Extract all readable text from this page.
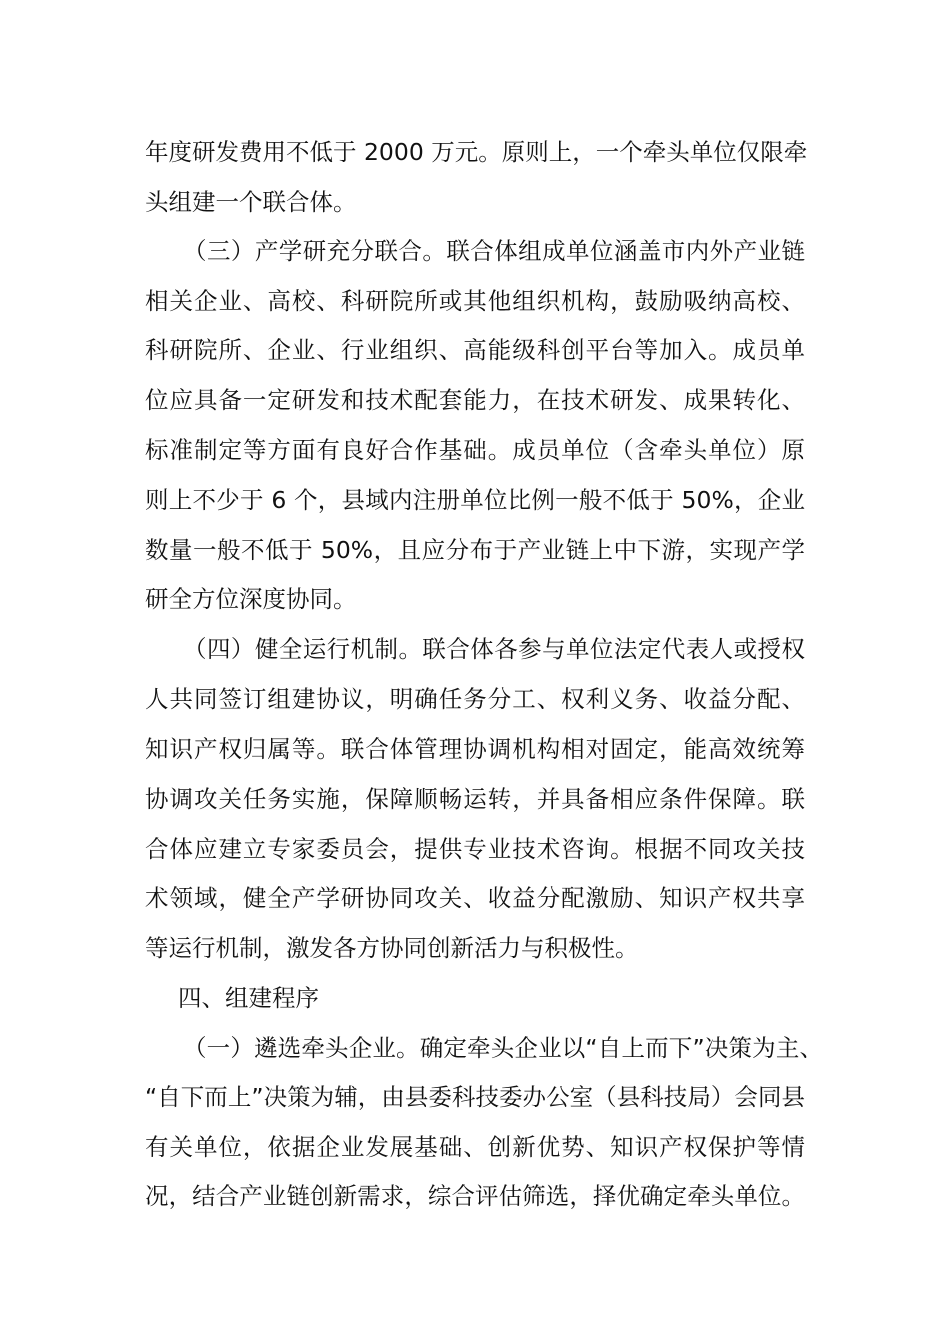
年度研发费用不低于 2000 万元。原则上，一个牵头单位仅限牵
头组建一个联合体。
（三）产学研充分联合。联合体组成单位涵盖市内外产业链
相关企业、高校、科研院所或其他组织机构，鼓励吸纳高校、
科研院所、企业、行业组织、高能级科创平台等加入。成员单
位应具备一定研发和技术配套能力，在技术研发、成果转化、
标准制定等方面有良好合作基础。成员单位（含牵头单位）原
则上不少于 6 个，县域内注册单位比例一般不低于 50%，企业
数量一般不低于 50%，且应分布于产业链上中下游，实现产学
研全方位深度协同。
（四）健全运行机制。联合体各参与单位法定代表人或授权
人共同签订组建协议，明确任务分工、权利义务、收益分配、
知识产权归属等。联合体管理协调机构相对固定，能高效统筹
协调攻关任务实施，保障顺畅运转，并具备相应条件保障。联
合体应建立专家委员会，提供专业技术咨询。根据不同攻关技
术领域，健全产学研协同攻关、收益分配激励、知识产权共享
等运行机制，激发各方协同创新活力与积极性。
四、组建程序
（一）遴选牵头企业。确定牵头企业以“自上而下”决策为主、
“自下而上”决策为辅，由县委科技委办公室（县科技局）会同县
有关单位，依据企业发展基础、创新优势、知识产权保护等情
况，结合产业链创新需求，综合评估筛选，择优确定牵头单位。
